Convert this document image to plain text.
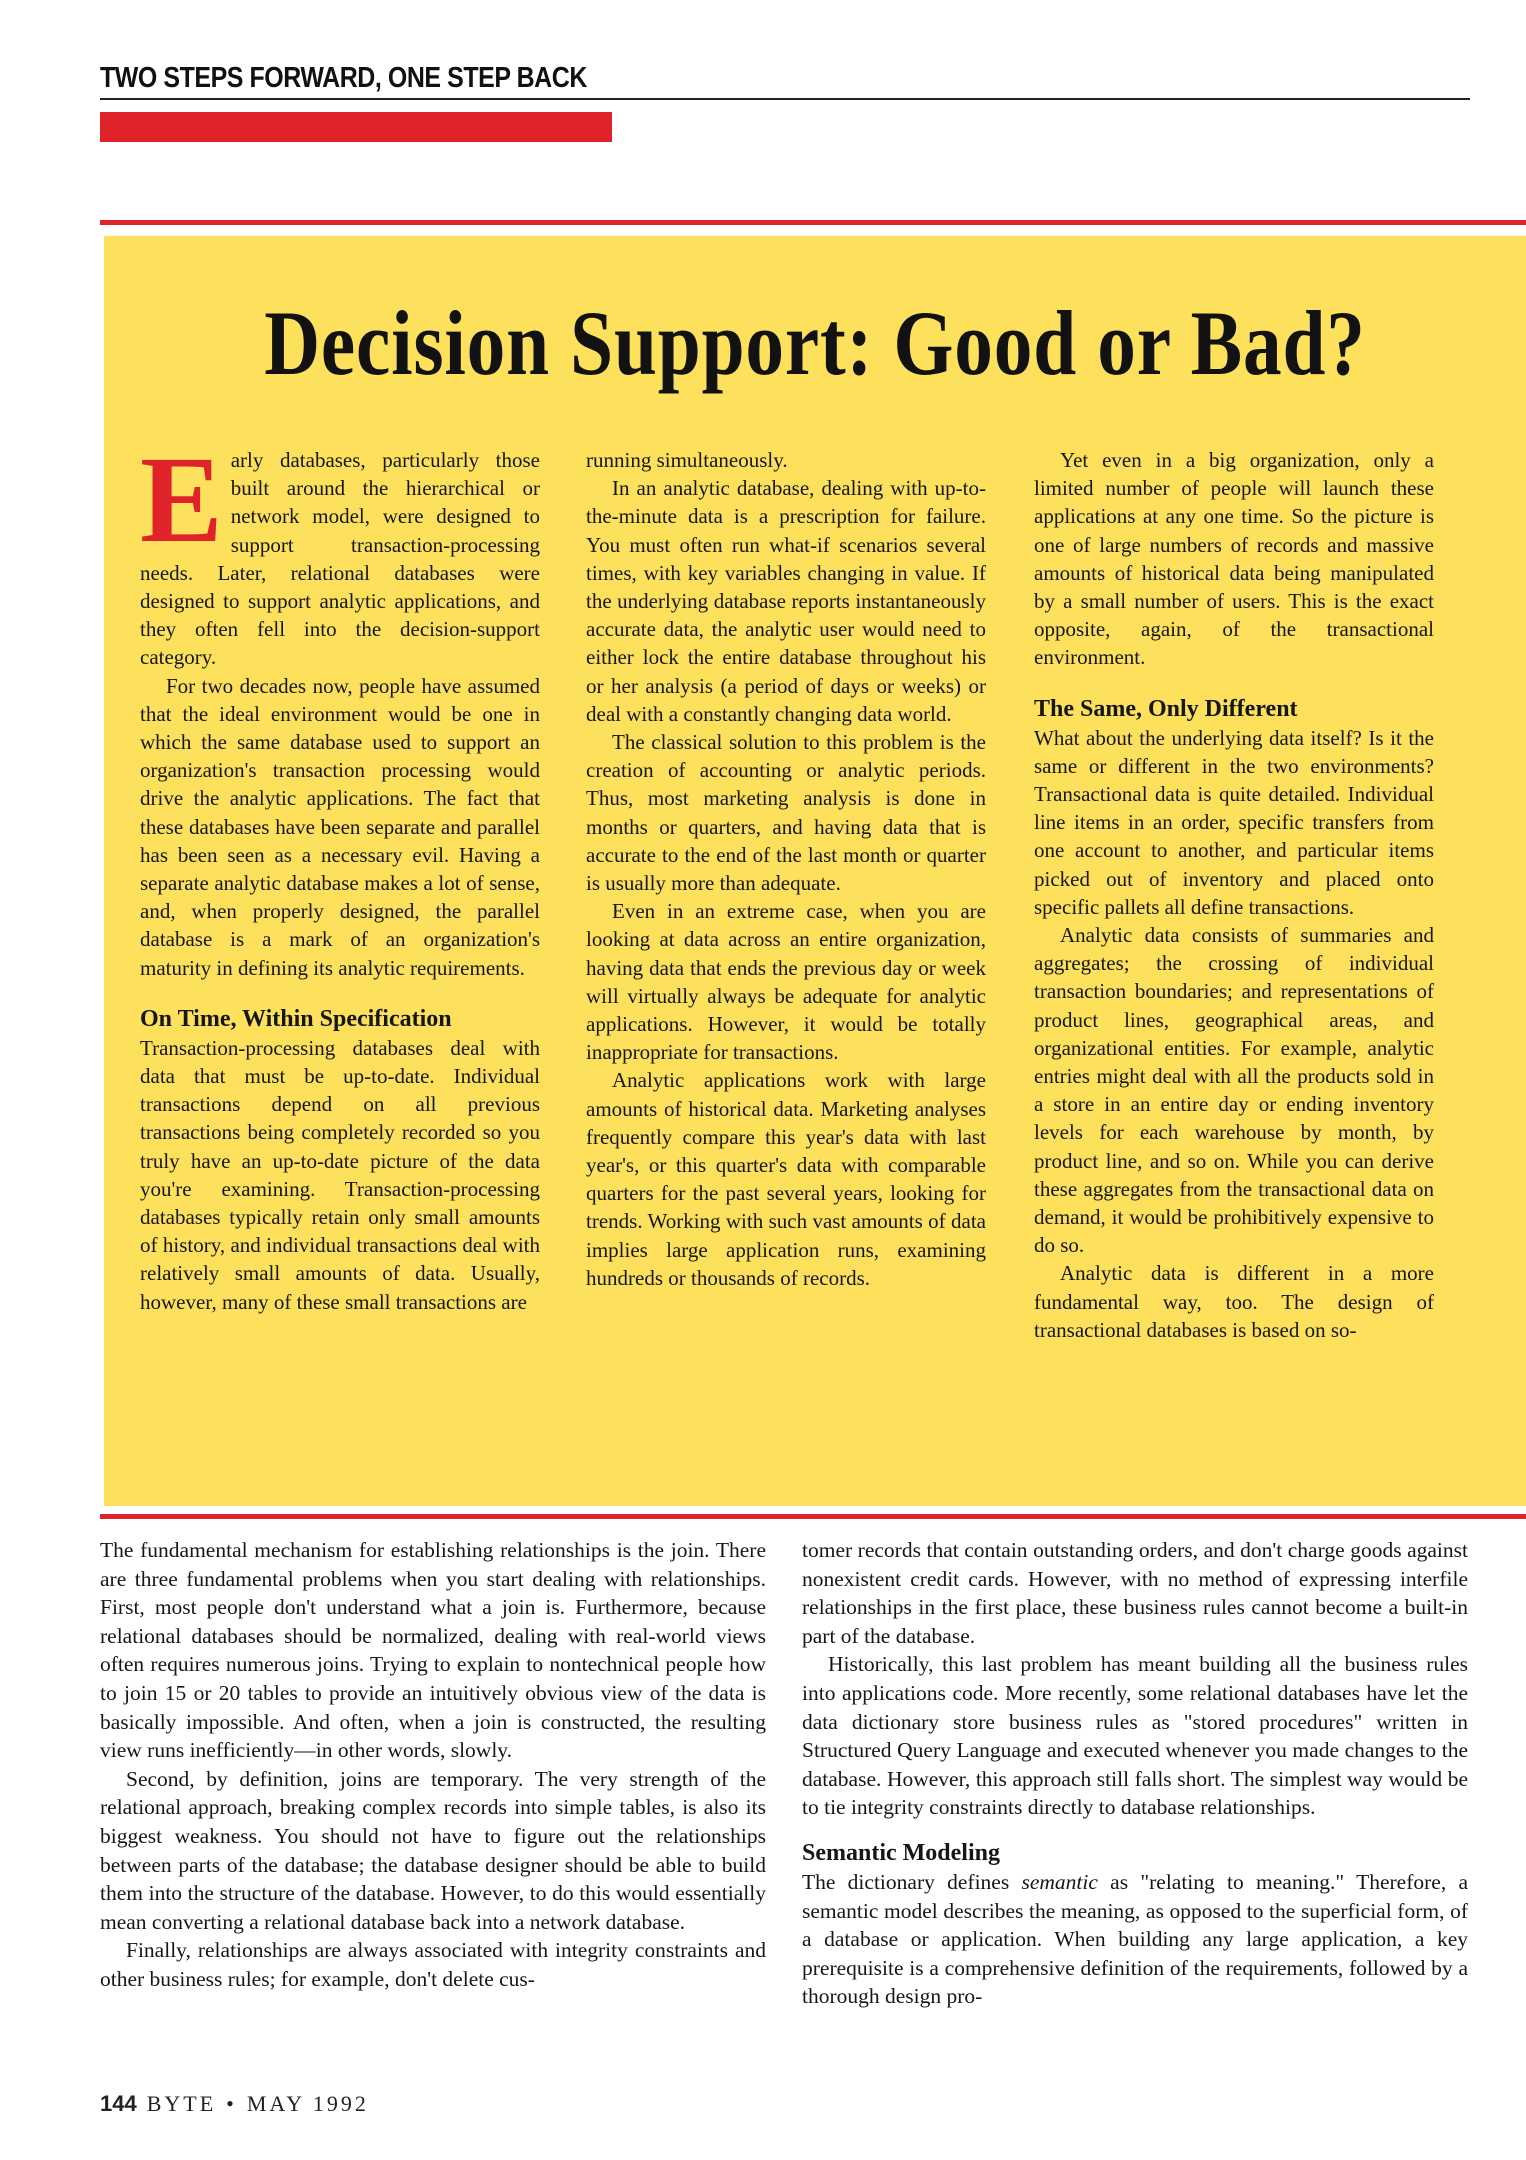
TWO STEPS FORWARD, ONE STEP BACK
Decision Support: Good or Bad?

Early databases, particularly those built around the hierarchical or network model, were designed to support transaction-processing needs. Later, relational databases were designed to support analytic applications, and they often fell into the decision-support category.

For two decades now, people have assumed that the ideal environment would be one in which the same database used to support an organization's transaction processing would drive the analytic applications. The fact that these databases have been separate and parallel has been seen as a necessary evil. Having a separate analytic database makes a lot of sense, and, when properly designed, the parallel database is a mark of an organization's maturity in defining its analytic requirements.

On Time, Within Specification

Transaction-processing databases deal with data that must be up-to-date. Individual transactions depend on all previous transactions being completely recorded so you truly have an up-to-date picture of the data you're examining. Transaction-processing databases typically retain only small amounts of history, and individual transactions deal with relatively small amounts of data. Usually, however, many of these small transactions are

running simultaneously.

In an analytic database, dealing with up-to-the-minute data is a prescription for failure. You must often run what-if scenarios several times, with key variables changing in value. If the underlying database reports instantaneously accurate data, the analytic user would need to either lock the entire database throughout his or her analysis (a period of days or weeks) or deal with a constantly changing data world.

The classical solution to this problem is the creation of accounting or analytic periods. Thus, most marketing analysis is done in months or quarters, and having data that is accurate to the end of the last month or quarter is usually more than adequate.

Even in an extreme case, when you are looking at data across an entire organization, having data that ends the previous day or week will virtually always be adequate for analytic applications. However, it would be totally inappropriate for transactions.

Analytic applications work with large amounts of historical data. Marketing analyses frequently compare this year's data with last year's, or this quarter's data with comparable quarters for the past several years, looking for trends. Working with such vast amounts of data implies large application runs, examining hundreds or thousands of records.

Yet even in a big organization, only a limited number of people will launch these applications at any one time. So the picture is one of large numbers of records and massive amounts of historical data being manipulated by a small number of users. This is the exact opposite, again, of the transactional environment.

The Same, Only Different

What about the underlying data itself? Is it the same or different in the two environments? Transactional data is quite detailed. Individual line items in an order, specific transfers from one account to another, and particular items picked out of inventory and placed onto specific pallets all define transactions.

Analytic data consists of summaries and aggregates; the crossing of individual transaction boundaries; and representations of product lines, geographical areas, and organizational entities. For example, analytic entries might deal with all the products sold in a store in an entire day or ending inventory levels for each warehouse by month, by product line, and so on. While you can derive these aggregates from the transactional data on demand, it would be prohibitively expensive to do so.

Analytic data is different in a more fundamental way, too. The design of transactional databases is based on so-

The fundamental mechanism for establishing relationships is the join. There are three fundamental problems when you start dealing with relationships. First, most people don't understand what a join is. Furthermore, because relational databases should be normalized, dealing with real-world views often requires numerous joins. Trying to explain to nontechnical people how to join 15 or 20 tables to provide an intuitively obvious view of the data is basically impossible. And often, when a join is constructed, the resulting view runs inefficiently—in other words, slowly.

Second, by definition, joins are temporary. The very strength of the relational approach, breaking complex records into simple tables, is also its biggest weakness. You should not have to figure out the relationships between parts of the database; the database designer should be able to build them into the structure of the database. However, to do this would essentially mean converting a relational database back into a network database.

Finally, relationships are always associated with integrity constraints and other business rules; for example, don't delete cus-

tomer records that contain outstanding orders, and don't charge goods against nonexistent credit cards. However, with no method of expressing interfile relationships in the first place, these business rules cannot become a built-in part of the database.

Historically, this last problem has meant building all the business rules into applications code. More recently, some relational databases have let the data dictionary store business rules as "stored procedures" written in Structured Query Language and executed whenever you made changes to the database. However, this approach still falls short. The simplest way would be to tie integrity constraints directly to database relationships.

Semantic Modeling

The dictionary defines semantic as "relating to meaning." Therefore, a semantic model describes the meaning, as opposed to the superficial form, of a database or application. When building any large application, a key prerequisite is a comprehensive definition of the requirements, followed by a thorough design pro-

144 BYTE • MAY 1992
